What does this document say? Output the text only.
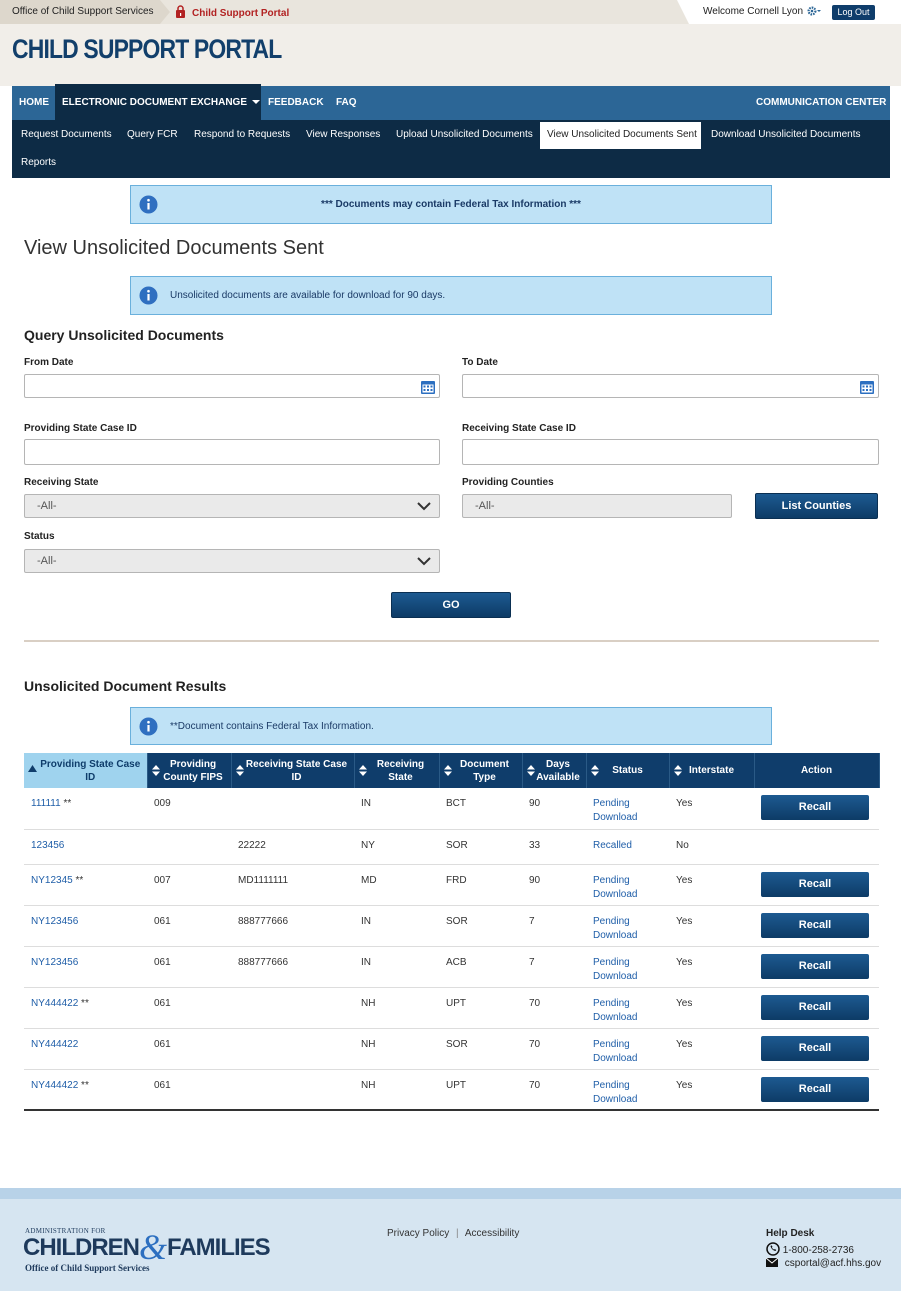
Office of Child Support Services	Child Support Portal	Welcome Cornell Lyon	Log Out
CHILD SUPPORT PORTAL
HOME ELECTRONIC DOCUMENT EXCHANGE	FEEDBACK FAQ	COMMUNICATION CENTER
Request Documents Query FCR Respond to Requests View Responses Upload Unsolicited Documents	View Unsolicited Documents Sent	Download Unsolicited Documents
Reports
*** Documents may contain Federal Tax Information ***
View Unsolicited Documents Sent
Unsolicited documents are available for download for 90 days.
Query Unsolicited Documents
From Date	To Date
Providing State Case ID	Receiving State Case ID
Receiving State
-All-
Providing Counties
-All-	List Counties
Status
-All-
GO
Unsolicited Document Results
**Document contains Federal Tax Information.
Providing State Case ID	Providing County FIPS	Receiving State Case ID	Receiving State	Document Type	Days Available	Status	Interstate	Action
111111 **	009		IN	BCT	90	Pending Download	Yes	Recall

123456		22222	NY	SOR	33	Recalled	No	
NY12345 **	007	MD1111111	MD	FRD	90	Pending Download	Yes	Recall

NY123456	061	888777666	IN	SOR	7	Pending Download	Yes	Recall

NY123456	061	888777666	IN	ACB	7	Pending Download	Yes	Recall

NY444422 **	061		NH	UPT	70	Pending Download	Yes	Recall

NY444422	061		NH	SOR	70	Pending Download	Yes	Recall

NY444422 **	061		NH	UPT	70	Pending Download	Yes	Recall
ADMINISTRATION FOR
CHILDREN&FAMILIES
Office of Child Support Services
Privacy Policy | Accessibility	Help Desk
1-800-258-2736
csportal@acf.hhs.gov
